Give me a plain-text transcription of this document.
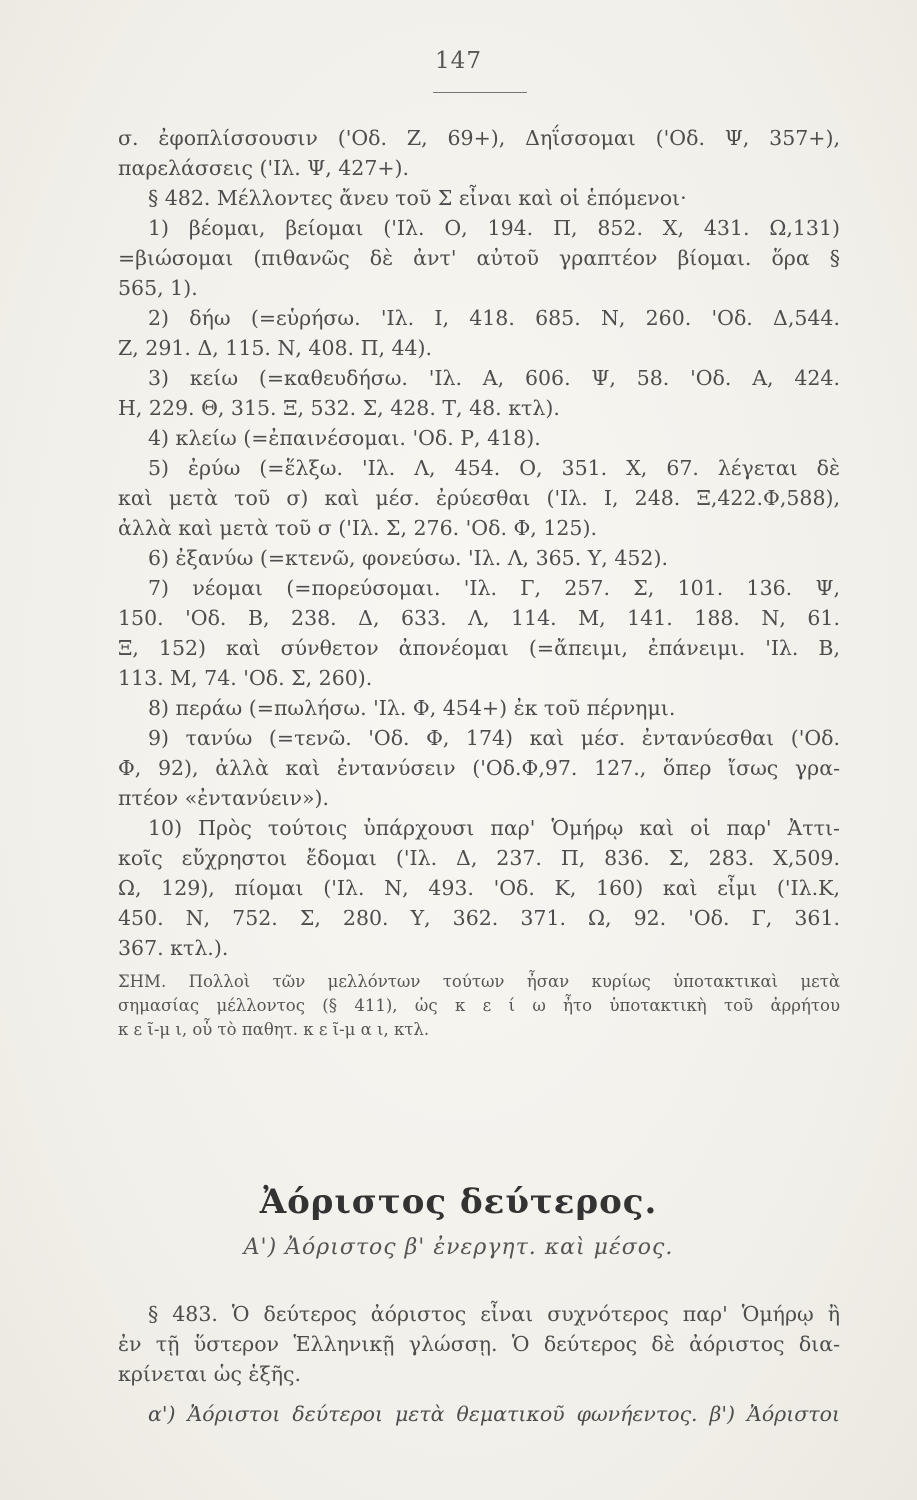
147
σ. ἐφοπλίσσουσιν ('Οδ. Ζ, 69+), Δηΐσσομαι ('Οδ. Ψ, 357+),
παρελάσσεις ('Ιλ. Ψ, 427+).
§ 482. Μέλλοντες ἄνευ τοῦ Σ εἶναι καὶ οἱ ἑπόμενοι·
1) βέομαι, βείομαι ('Ιλ. Ο, 194. Π, 852. Χ, 431. Ω,131)
=βιώσομαι (πιθανῶς δὲ ἀντ' αὐτοῦ γραπτέον βίομαι. ὅρα §
565, 1).
2) δήω (=εὑρήσω. 'Ιλ. Ι, 418. 685. Ν, 260. 'Οδ. Δ,544.
Ζ, 291. Δ, 115. Ν, 408. Π, 44).
3) κείω (=καθευδήσω. 'Ιλ. Α, 606. Ψ, 58. 'Οδ. Α, 424.
Η, 229. Θ, 315. Ξ, 532. Σ, 428. Τ, 48. κτλ).
4) κλείω (=ἐπαινέσομαι. 'Οδ. Ρ, 418).
5) ἐρύω (=ἕλξω. 'Ιλ. Λ, 454. Ο, 351. Χ, 67. λέγεται δὲ
καὶ μετὰ τοῦ σ) καὶ μέσ. ἐρύεσθαι ('Ιλ. Ι, 248. Ξ,422.Φ,588),
ἀλλὰ καὶ μετὰ τοῦ σ ('Ιλ. Σ, 276. 'Οδ. Φ, 125).
6) ἐξανύω (=κτενῶ, φονεύσω. 'Ιλ. Λ, 365. Υ, 452).
7) νέομαι (=πορεύσομαι. 'Ιλ. Γ, 257. Σ, 101. 136. Ψ,
150. 'Οδ. Β, 238. Δ, 633. Λ, 114. Μ, 141. 188. Ν, 61.
Ξ, 152) καὶ σύνθετον ἀπονέομαι (=ἄπειμι, ἐπάνειμι. 'Ιλ. Β,
113. Μ, 74. 'Οδ. Σ, 260).
8) περάω (=πωλήσω. 'Ιλ. Φ, 454+) ἐκ τοῦ πέρνημι.
9) τανύω (=τενῶ. 'Οδ. Φ, 174) καὶ μέσ. ἐντανύεσθαι ('Οδ.
Φ, 92), ἀλλὰ καὶ ἐντανύσειν ('Οδ.Φ,97. 127., ὅπερ ἴσως γρα-
πτέον «ἐντανύειν»).
10) Πρὸς τούτοις ὑπάρχουσι παρ' Ὁμήρῳ καὶ οἱ παρ' Ἀττι-
κοῖς εὔχρηστοι ἔδομαι ('Ιλ. Δ, 237. Π, 836. Σ, 283. Χ,509.
Ω, 129), πίομαι ('Ιλ. Ν, 493. 'Οδ. Κ, 160) καὶ εἶμι ('Ιλ.Κ,
450. Ν, 752. Σ, 280. Υ, 362. 371. Ω, 92. 'Οδ. Γ, 361.
367. κτλ.).
ΣΗΜ. Πολλοὶ τῶν μελλόντων τούτων ἦσαν κυρίως ὑποτακτικαὶ μετὰ
σημασίας μέλλοντος (§ 411), ὡς κ ε ί ω ἦτο ὑποτακτικὴ τοῦ ἀρρήτου
κ ε ῖ-μ ι, οὗ τὸ παθητ. κ ε ῖ-μ α ι, κτλ.
Ἀόριστος δεύτερος.
Α') Ἀόριστος β' ἐνεργητ. καὶ μέσος.
§ 483. Ὁ δεύτερος ἀόριστος εἶναι συχνότερος παρ' Ὁμήρῳ ἢ
ἐν τῇ ὕστερον Ἑλληνικῇ γλώσσῃ. Ὁ δεύτερος δὲ ἀόριστος δια-
κρίνεται ὡς ἑξῆς.
α') Ἀόριστοι δεύτεροι μετὰ θεματικοῦ φωνήεντος. β') Ἀόριστοι
